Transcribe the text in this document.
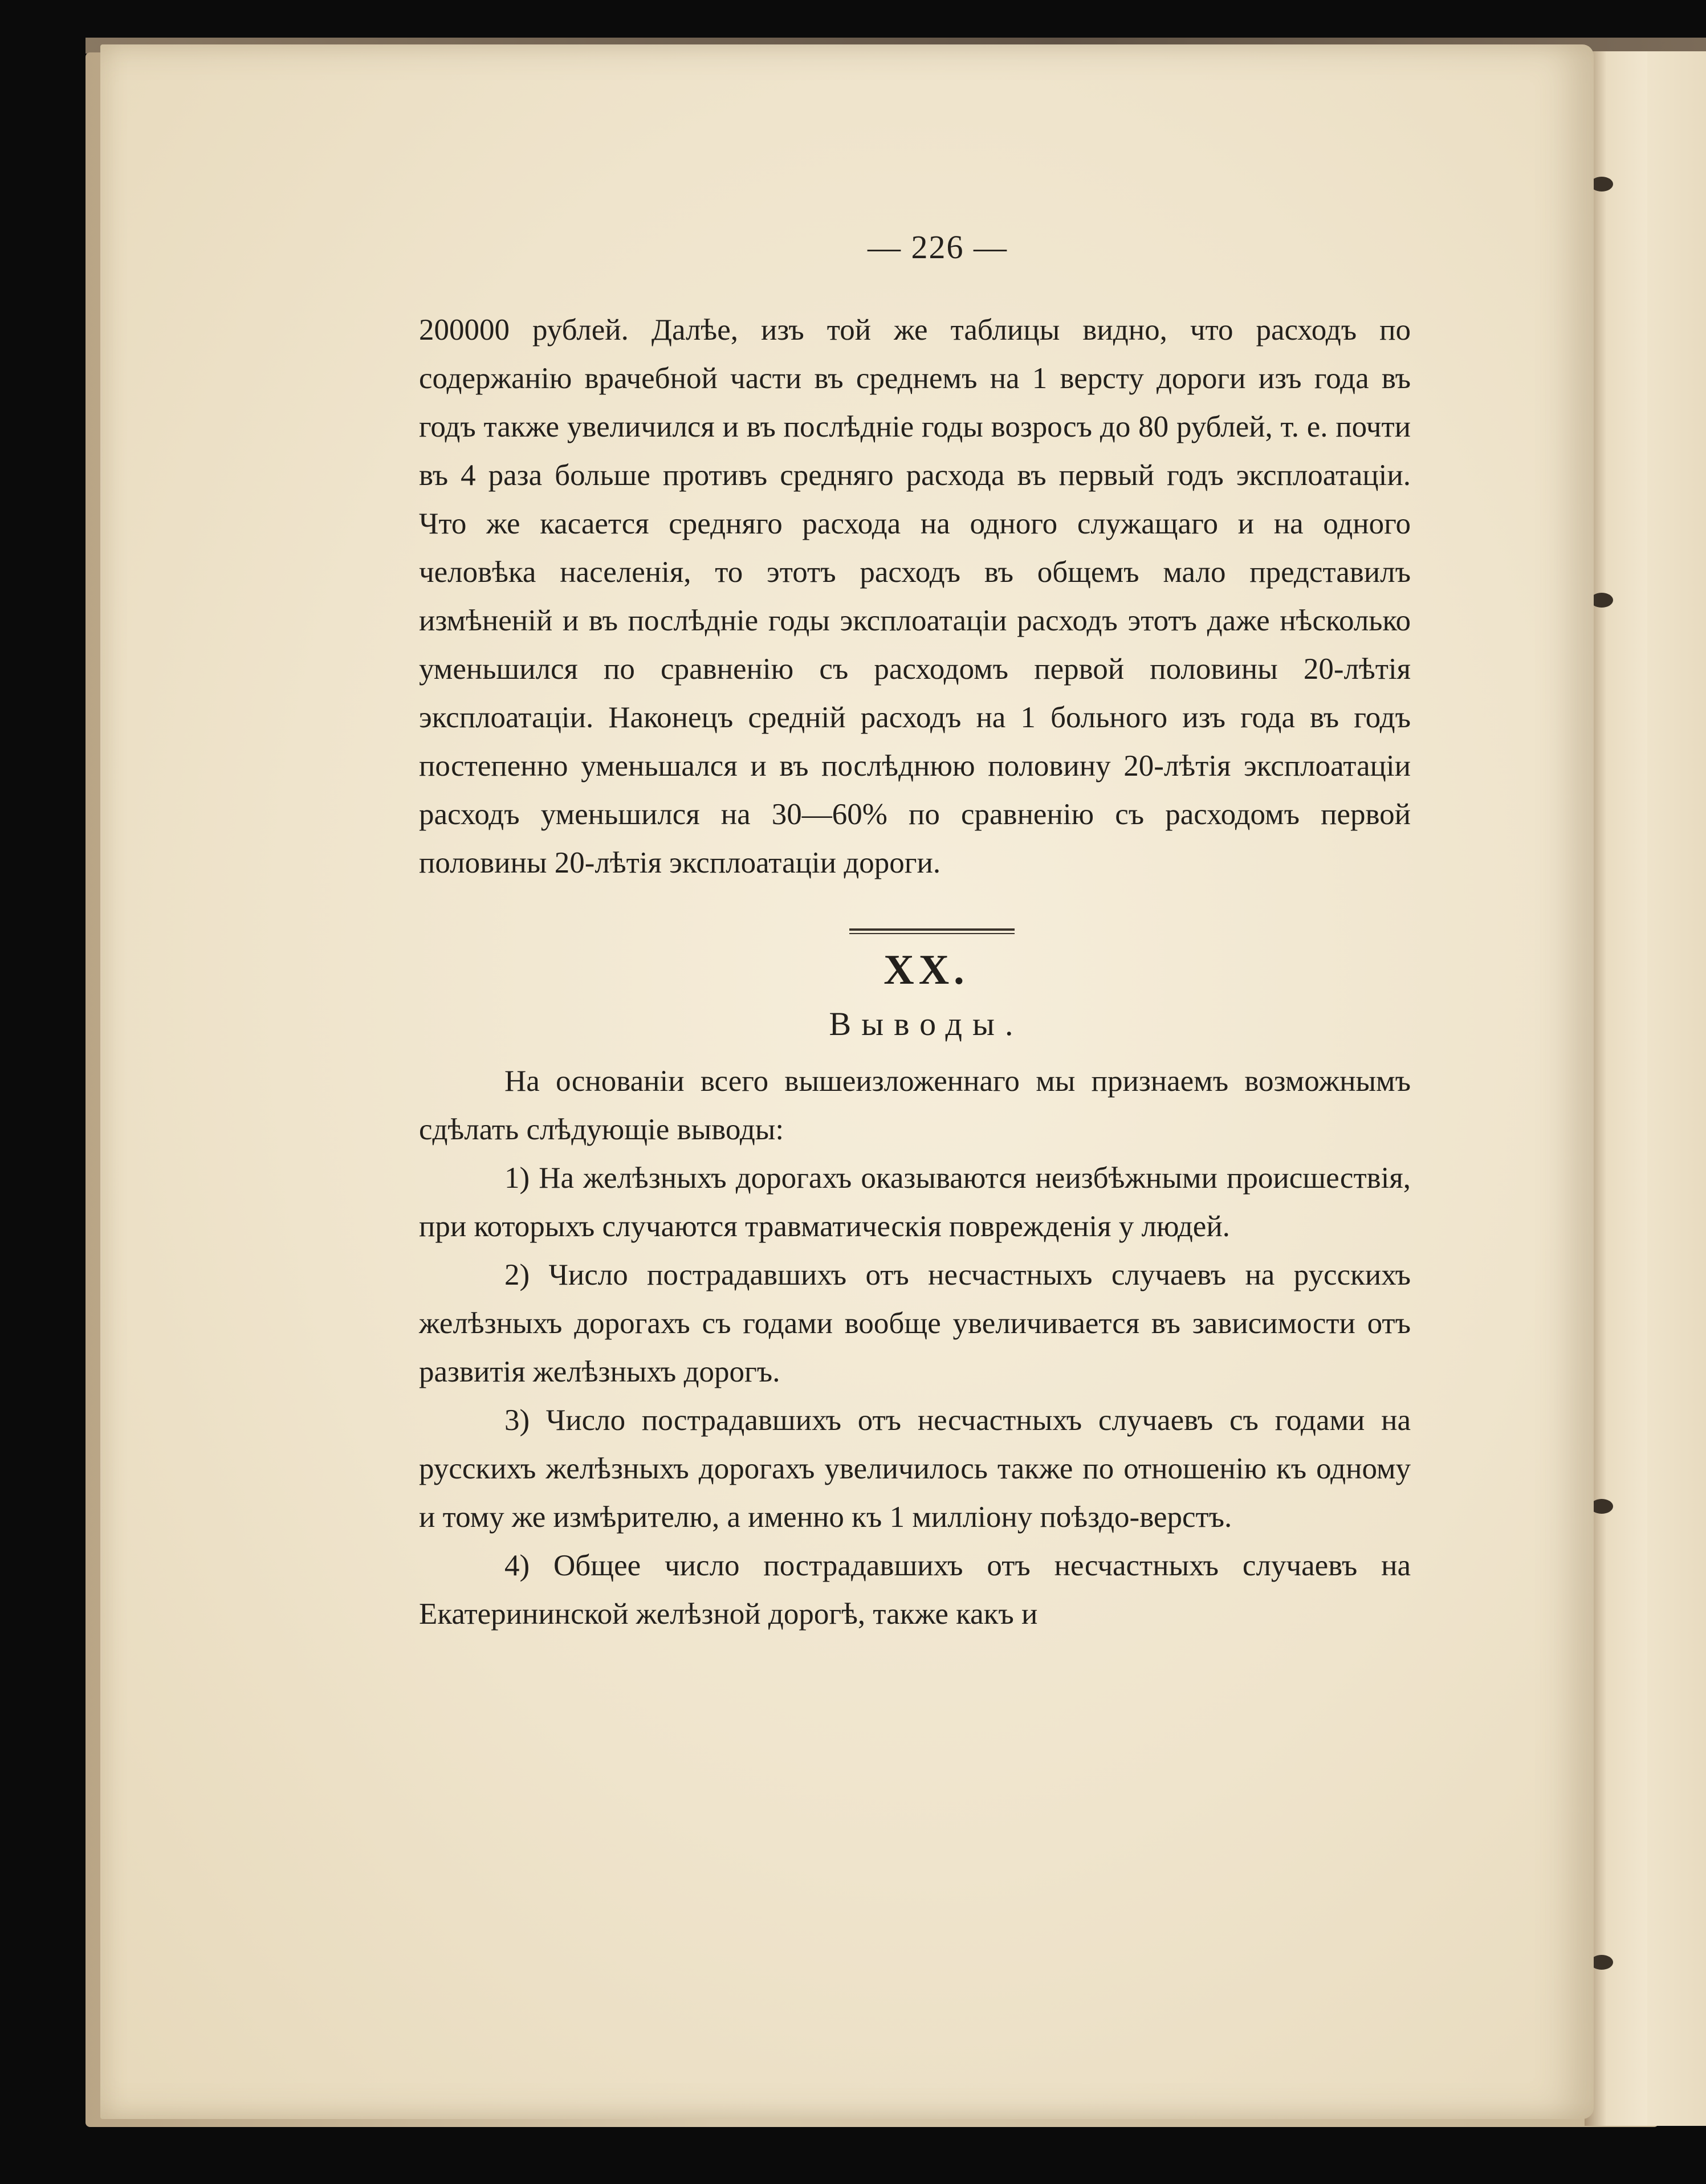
— 226 —

200000 рублей. Далѣе, изъ той же таблицы видно, что расходъ по содержанію врачебной части въ среднемъ на 1 версту дороги изъ года въ годъ также увеличился и въ послѣдніе годы возросъ до 80 рублей, т. е. почти въ 4 раза больше противъ средняго расхода въ первый годъ эксплоатаціи. Что же касается средняго расхода на одного служащаго и на одного человѣка населенія, то этотъ расходъ въ общемъ мало представилъ измѣненій и въ послѣдніе годы эксплоатаціи расходъ этотъ даже нѣсколько уменьшился по сравненію съ расходомъ первой половины 20-лѣтія эксплоатаціи. Наконецъ средній расходъ на 1 больного изъ года въ годъ постепенно уменьшался и въ послѣднюю половину 20-лѣтія эксплоатаціи расходъ уменьшился на 30—60% по сравненію съ расходомъ первой половины 20-лѣтія эксплоатаціи дороги.

XX.

Выводы.

На основаніи всего вышеизложеннаго мы признаемъ возможнымъ сдѣлать слѣдующіе выводы:

1) На желѣзныхъ дорогахъ оказываются неизбѣжными происшествія, при которыхъ случаются травматическія поврежденія у людей.

2) Число пострадавшихъ отъ несчастныхъ случаевъ на русскихъ желѣзныхъ дорогахъ съ годами вообще увеличивается въ зависимости отъ развитія желѣзныхъ дорогъ.

3) Число пострадавшихъ отъ несчастныхъ случаевъ съ годами на русскихъ желѣзныхъ дорогахъ увеличилось также по отношенію къ одному и тому же измѣрителю, а именно къ 1 милліону поѣздо-верстъ.

4) Общее число пострадавшихъ отъ несчастныхъ случаевъ на Екатерининской желѣзной дорогѣ, также какъ и
